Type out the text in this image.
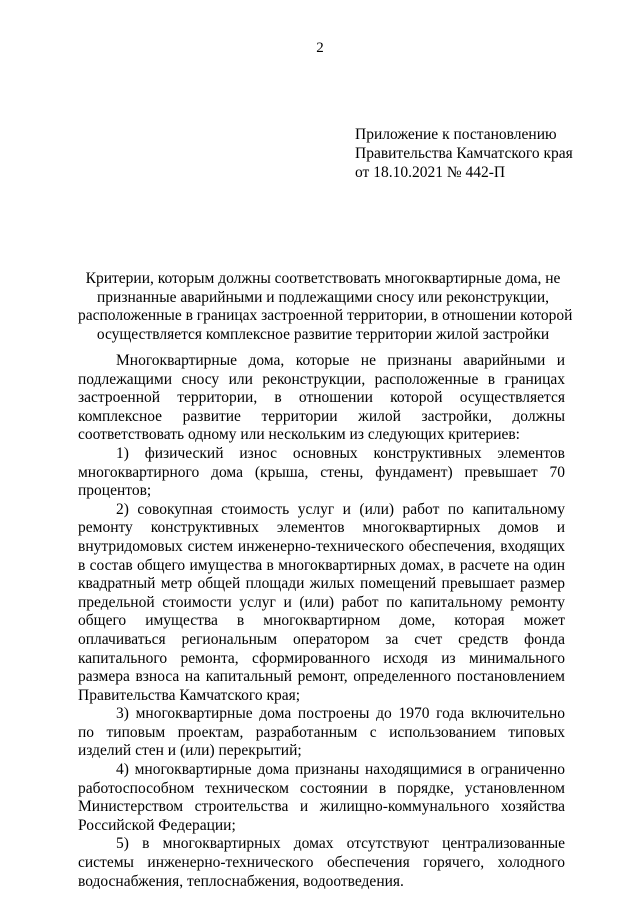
2
Приложение к постановлению
Правительства Камчатского края
от 18.10.2021 № 442-П
Критерии, которым должны соответствовать многоквартирные дома, не
признанные аварийными и подлежащими сносу или реконструкции,
расположенные в границах застроенной территории, в отношении которой
осуществляется комплексное развитие территории жилой застройки

Многоквартирные дома, которые не признаны аварийными и подлежащими сносу или реконструкции, расположенные в границах застроенной территории, в отношении которой осуществляется комплексное развитие территории жилой застройки, должны соответствовать одному или нескольким из следующих критериев:

1) физический износ основных конструктивных элементов многоквартирного дома (крыша, стены, фундамент) превышает 70 процентов;

2) совокупная стоимость услуг и (или) работ по капитальному ремонту конструктивных элементов многоквартирных домов и внутридомовых систем инженерно-технического обеспечения, входящих в состав общего имущества в многоквартирных домах, в расчете на один квадратный метр общей площади жилых помещений превышает размер предельной стоимости услуг и (или) работ по капитальному ремонту общего имущества в многоквартирном доме, которая может оплачиваться региональным оператором за счет средств фонда капитального ремонта, сформированного исходя из минимального размера взноса на капитальный ремонт, определенного постановлением Правительства Камчатского края;

3) многоквартирные дома построены до 1970 года включительно по типовым проектам, разработанным с использованием типовых изделий стен и (или) перекрытий;

4) многоквартирные дома признаны находящимися в ограниченно работоспособном техническом состоянии в порядке, установленном Министерством строительства и жилищно-коммунального хозяйства Российской Федерации;

5) в многоквартирных домах отсутствуют централизованные системы инженерно-технического обеспечения горячего, холодного водоснабжения, теплоснабжения, водоотведения.
